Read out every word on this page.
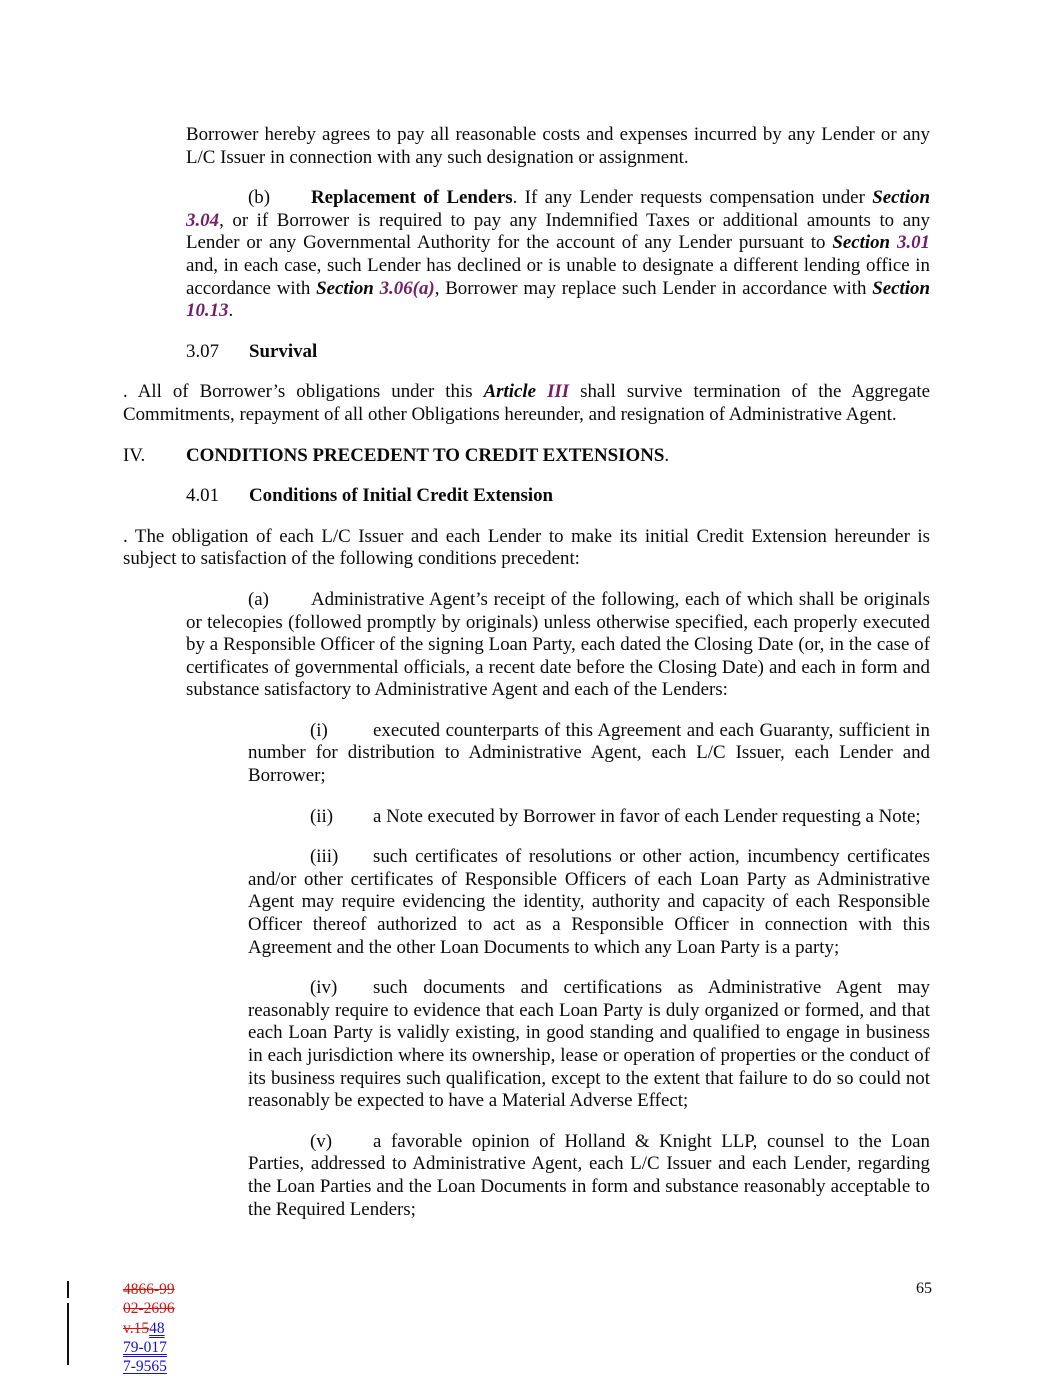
Borrower hereby agrees to pay all reasonable costs and expenses incurred by any Lender or any L/C Issuer in connection with any such designation or assignment.

(b) Replacement of Lenders. If any Lender requests compensation under Section 3.04, or if Borrower is required to pay any Indemnified Taxes or additional amounts to any Lender or any Governmental Authority for the account of any Lender pursuant to Section 3.01 and, in each case, such Lender has declined or is unable to designate a different lending office in accordance with Section 3.06(a), Borrower may replace such Lender in accordance with Section 10.13.

3.07 Survival

. All of Borrower’s obligations under this Article III shall survive termination of the Aggregate Commitments, repayment of all other Obligations hereunder, and resignation of Administrative Agent.

IV. CONDITIONS PRECEDENT TO CREDIT EXTENSIONS.

4.01 Conditions of Initial Credit Extension

. The obligation of each L/C Issuer and each Lender to make its initial Credit Extension hereunder is subject to satisfaction of the following conditions precedent:

(a) Administrative Agent’s receipt of the following, each of which shall be originals or telecopies (followed promptly by originals) unless otherwise specified, each properly executed by a Responsible Officer of the signing Loan Party, each dated the Closing Date (or, in the case of certificates of governmental officials, a recent date before the Closing Date) and each in form and substance satisfactory to Administrative Agent and each of the Lenders:

(i) executed counterparts of this Agreement and each Guaranty, sufficient in number for distribution to Administrative Agent, each L/C Issuer, each Lender and Borrower;

(ii) a Note executed by Borrower in favor of each Lender requesting a Note;

(iii) such certificates of resolutions or other action, incumbency certificates and/or other certificates of Responsible Officers of each Loan Party as Administrative Agent may require evidencing the identity, authority and capacity of each Responsible Officer thereof authorized to act as a Responsible Officer in connection with this Agreement and the other Loan Documents to which any Loan Party is a party;

(iv) such documents and certifications as Administrative Agent may reasonably require to evidence that each Loan Party is duly organized or formed, and that each Loan Party is validly existing, in good standing and qualified to engage in business in each jurisdiction where its ownership, lease or operation of properties or the conduct of its business requires such qualification, except to the extent that failure to do so could not reasonably be expected to have a Material Adverse Effect;

(v) a favorable opinion of Holland & Knight LLP, counsel to the Loan Parties, addressed to Administrative Agent, each L/C Issuer and each Lender, regarding the Loan Parties and the Loan Documents in form and substance reasonably acceptable to the Required Lenders;

4866-99
02-2696
v.1548
79-017
7-9565
65
